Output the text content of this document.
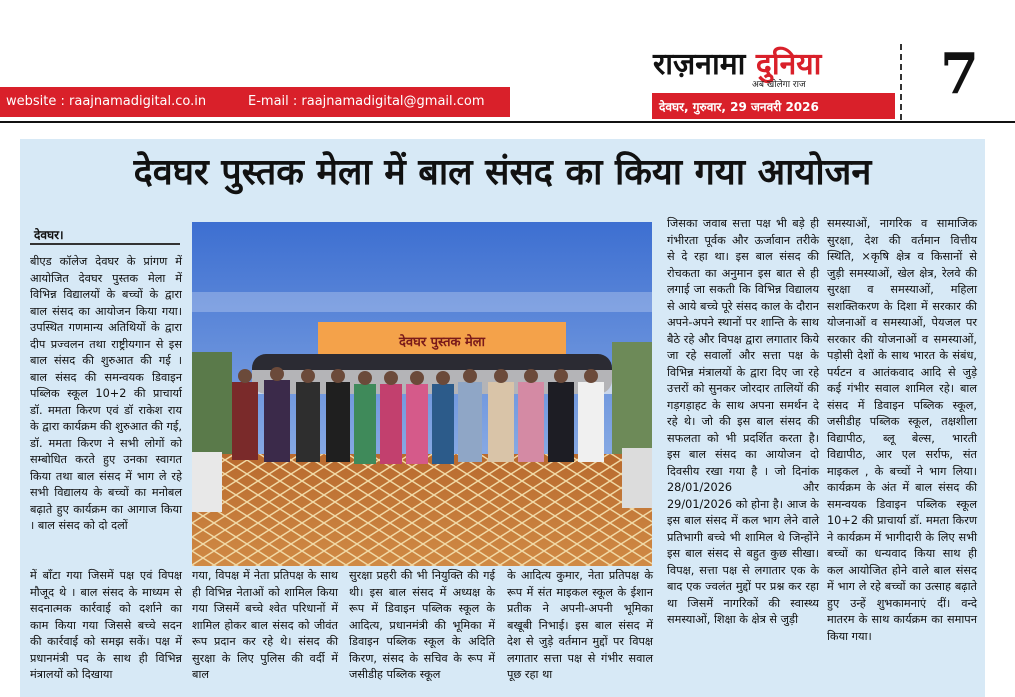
website : raajnamadigital.co.in	E-mail : raajnamadigital@gmail.com
राज़नामा दुनिया
अब खोलेगा राज
देवघर, गुरुवार, 29 जनवरी 2026 7
देवघर पुस्तक मेला में बाल संसद का किया गया आयोजन
देवघर।
बीएड कॉलेज देवघर के प्रांगण में आयोजित देवघर पुस्तक मेला में विभिन्न विद्यालयों के बच्चों के द्वारा बाल संसद का आयोजन किया गया। उपस्थित गणमान्य अतिथियों के द्वारा दीप प्रज्वलन तथा राष्ट्रीयगान से इस बाल संसद की शुरुआत की गई । बाल संसद की समन्वयक डिवाइन पब्लिक स्कूल 10+2 की प्राचार्या डॉ. ममता किरण एवं डॉ राकेश राय के द्वारा कार्यक्रम की शुरुआत की गई, डॉ. ममता किरण ने सभी लोगों को सम्बोधित करते हुए उनका स्वागत किया तथा बाल संसद में भाग ले रहे सभी विद्यालय के बच्चों का मनोबल बढ़ाते हुए कार्यक्रम का आगाज किया । बाल संसद को दो दलों
में बाँटा गया जिसमें पक्ष एवं विपक्ष मौजूद थे । बाल संसद के माध्यम से सदनात्मक कार्रवाई को दर्शाने का काम किया गया जिससे बच्चे सदन की कार्रवाई को समझ सकें। पक्ष में प्रधानमंत्री पद के साथ ही विभिन्न मंत्रालयों को दिखाया
गया, विपक्ष में नेता प्रतिपक्ष के साथ ही विभिन्न नेताओं को शामिल किया गया जिसमें बच्चे श्वेत परिधानों में शामिल होकर बाल संसद को जीवंत रूप प्रदान कर रहे थे। संसद की सुरक्षा के लिए पुलिस की वर्दी में बाल
सुरक्षा प्रहरी की भी नियुक्ति की गई थी। इस बाल संसद में अध्यक्ष के रूप में डिवाइन पब्लिक स्कूल के आदित्य, प्रधानमंत्री की भूमिका में डिवाइन पब्लिक स्कूल के अदिति किरण, संसद के सचिव के रूप में जसीडीह पब्लिक स्कूल
के आदित्य कुमार, नेता प्रतिपक्ष के रूप में संत माइकल स्कूल के ईशान प्रतीक ने अपनी-अपनी भूमिका बखूबी निभाई। इस बाल संसद में देश से जुड़े वर्तमान मुद्दों पर विपक्ष लगातार सत्ता पक्ष से गंभीर सवाल पूछ रहा था
जिसका जवाब सत्ता पक्ष भी बड़े ही गंभीरता पूर्वक और ऊर्जावान तरीके से दे रहा था। इस बाल संसद की रोचकता का अनुमान इस बात से ही लगाई जा सकती कि विभिन्न विद्यालय से आये बच्चे पूरे संसद काल के दौरान अपने-अपने स्थानों पर शान्ति के साथ बैठे रहे और विपक्ष द्वारा लगातार किये जा रहे सवालों और सत्ता पक्ष के विभिन्न मंत्रालयों के द्वारा दिए जा रहे उत्तरों को सुनकर जोरदार तालियों की गड़गड़ाहट के साथ अपना समर्थन दे रहे थे। जो की इस बाल संसद की सफलता को भी प्रदर्शित करता है। इस बाल संसद का आयोजन दो दिवसीय रखा गया है । जो दिनांक 28/01/2026 और 29/01/2026 को होना है। आज के इस बाल संसद में कल भाग लेने वाले प्रतिभागी बच्चे भी शामिल थे जिन्होंने इस बाल संसद से बहुत कुछ सीखा। विपक्ष, सत्ता पक्ष से लगातार एक के बाद एक ज्वलंत मुद्दों पर प्रश्न कर रहा था जिसमें नागरिकों की स्वास्थ्य समस्याओं, शिक्षा के क्षेत्र से जुड़ी
समस्याओं, नागरिक व सामाजिक सुरक्षा, देश की वर्तमान वित्तीय स्थिति, ×कृषि क्षेत्र व किसानों से जुड़ी समस्याओं, खेल क्षेत्र, रेलवे की सुरक्षा व समस्याओं, महिला सशक्तिकरण के दिशा में सरकार की योजनाओं व समस्याओं, पेयजल पर सरकार की योजनाओं व समस्याओं, पड़ोसी देशों के साथ भारत के संबंध, पर्यटन व आतंकवाद आदि से जुड़े कई गंभीर सवाल शामिल रहे। बाल संसद में डिवाइन पब्लिक स्कूल, जसीडीह पब्लिक स्कूल, तक्षशीला विद्यापीठ, ब्लू बेल्स, भारती विद्यापीठ, आर एल सर्राफ, संत माइकल , के बच्चों ने भाग लिया। कार्यक्रम के अंत में बाल संसद की समन्वयक डिवाइन पब्लिक स्कूल 10+2 की प्राचार्या डॉ. ममता किरण ने कार्यक्रम में भागीदारी के लिए सभी बच्चों का धन्यवाद किया साथ ही कल आयोजित होने वाले बाल संसद में भाग ले रहे बच्चों का उत्साह बढ़ाते हुए उन्हें शुभकामनाएं दीं। वन्दे मातरम के साथ कार्यक्रम का समापन किया गया।
देवघर पुस्तक मेला
